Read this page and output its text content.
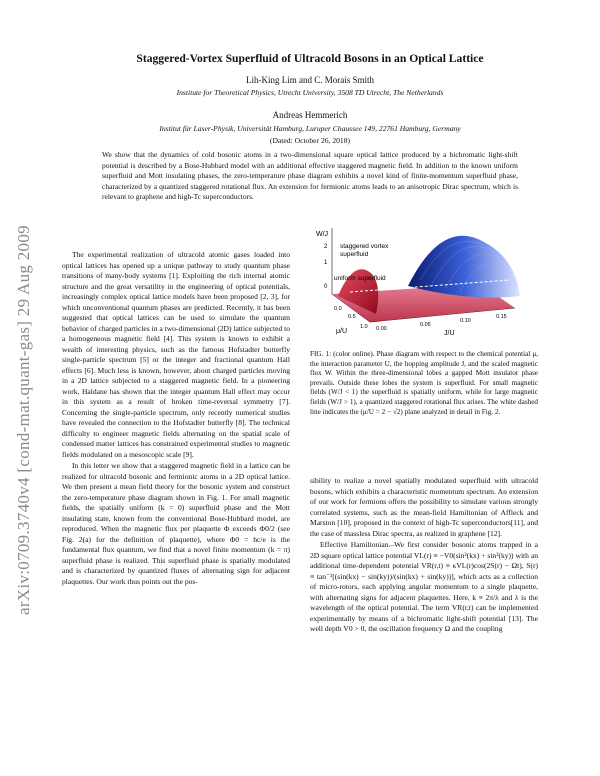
arXiv:0709.3740v4 [cond-mat.quant-gas] 29 Aug 2009
Staggered-Vortex Superfluid of Ultracold Bosons in an Optical Lattice
Lih-King Lim and C. Morais Smith
Institute for Theoretical Physics, Utrecht University, 3508 TD Utrecht, The Netherlands
Andreas Hemmerich
Institut für Laser-Physik, Universität Hamburg, Luruper Chaussee 149, 22761 Hamburg, Germany
(Dated: October 26, 2018)
We show that the dynamics of cold bosonic atoms in a two-dimensional square optical lattice produced by a bichromatic light-shift potential is described by a Bose-Hubbard model with an additional effective staggered magnetic field. In addition to the known uniform superfluid and Mott insulating phases, the zero-temperature phase diagram exhibits a novel kind of finite-momentum superfluid phase, characterized by a quantized staggered rotational flux. An extension for fermionic atoms leads to an anisotropic Dirac spectrum, which is relevant to graphene and high-Tc superconductors.

The experimental realization of ultracold atomic gases loaded into optical lattices has opened up a unique pathway to study quantum phase transitions of many-body systems [1]. Exploiting the rich internal atomic structure and the great versatility in the engineering of optical potentials, increasingly complex optical lattice models have been proposed [2, 3], for which unconventional quantum phases are predicted. Recently, it has been suggested that optical lattices can be used to simulate the quantum behavior of charged particles in a two-dimensional (2D) lattice subjected to a homogeneous magnetic field [4]. This system is known to exhibit a wealth of interesting physics, such as the famous Hofstadter butterfly single-particle spectrum [5] or the integer and fractional quantum Hall effects [6]. Much less is known, however, about charged particles moving in a 2D lattice subjected to a staggered magnetic field. In a pioneering work, Haldane has shown that the integer quantum Hall effect may occur in this system as a result of broken time-reversal symmetry [7]. Concerning the single-particle spectrum, only recently numerical studies have revealed the connection to the Hofstadter butterfly [8]. The technical difficulty to engineer magnetic fields alternating on the spatial scale of condensed matter lattices has constrained experimental studies to magnetic fields modulated on a mesoscopic scale [9].

In this letter we show that a staggered magnetic field in a lattice can be realized for ultracold bosonic and fermionic atoms in a 2D optical lattice. We then present a mean field theory for the bosonic system and construct the zero-temperature phase diagram shown in Fig. 1. For small magnetic fields, the spatially uniform (k = 0) superfluid phase and the Mott insulating state, known from the conventional Bose-Hubbard model, are reproduced. When the magnetic flux per plaquette Φ exceeds Φ0/2 (see Fig. 2(a) for the definition of plaquette), where Φ0 = hc/e is the fundamental flux quantum, we find that a novel finite momentum (k = π) superfluid phase is realized. This superfluid phase is spatially modulated and is characterized by quantized fluxes of alternating sign for adjacent plaquettes. Our work thus points out the pos-

W/J
1
2
0
staggered vortex
superfluid
uniform superfluid
0.0
0.5
1.0
μ/U	0.00
0.05
0.10
0.15
J/U
FIG. 1: (color online). Phase diagram with respect to the chemical potential μ, the interaction parameter U, the hopping amplitude J, and the scaled magnetic flux W. Within the three-dimensional lobes a gapped Mott insulator phase prevails. Outside these lobes the system is superfluid. For small magnetic fields (W/J < 1) the superfluid is spatially uniform, while for large magnetic fields (W/J > 1), a quantized staggered rotational flux arises. The white dashed line indicates the (μ/U = 2 − √2) plane analyzed in detail in Fig. 2.

sibility to realize a novel spatially modulated superfluid with ultracold bosons, which exhibits a characteristic momentum spectrum. An extension of our work for fermions offers the possibility to simulate various strongly correlated systems, such as the mean-field Hamiltonian of Affleck and Marston [10], proposed in the context of high-Tc superconductors[11], and the case of massless Dirac spectra, as realized in graphene [12].

Effective Hamiltonian.–We first consider bosonic atoms trapped in a 2D square optical lattice potential VL(r) ≡ −V0(sin²(kx) + sin²(ky)) with an additional time-dependent potential VR(r,t) ≡ κVL(r)cos(2S(r) − Ωt), S(r) ≡ tan⁻¹[(sin(kx) − sin(ky))/(sin(kx) + sin(ky))], which acts as a collection of micro-rotors, each applying angular momentum to a single plaquette, with alternating signs for adjacent plaquettes. Here, k ≡ 2π/λ and λ is the wavelength of the optical potential. The term VR(r,t) can be implemented experimentally by means of a bichromatic light-shift potential [13]. The well depth V0 > 0, the oscillation frequency Ω and the coupling
